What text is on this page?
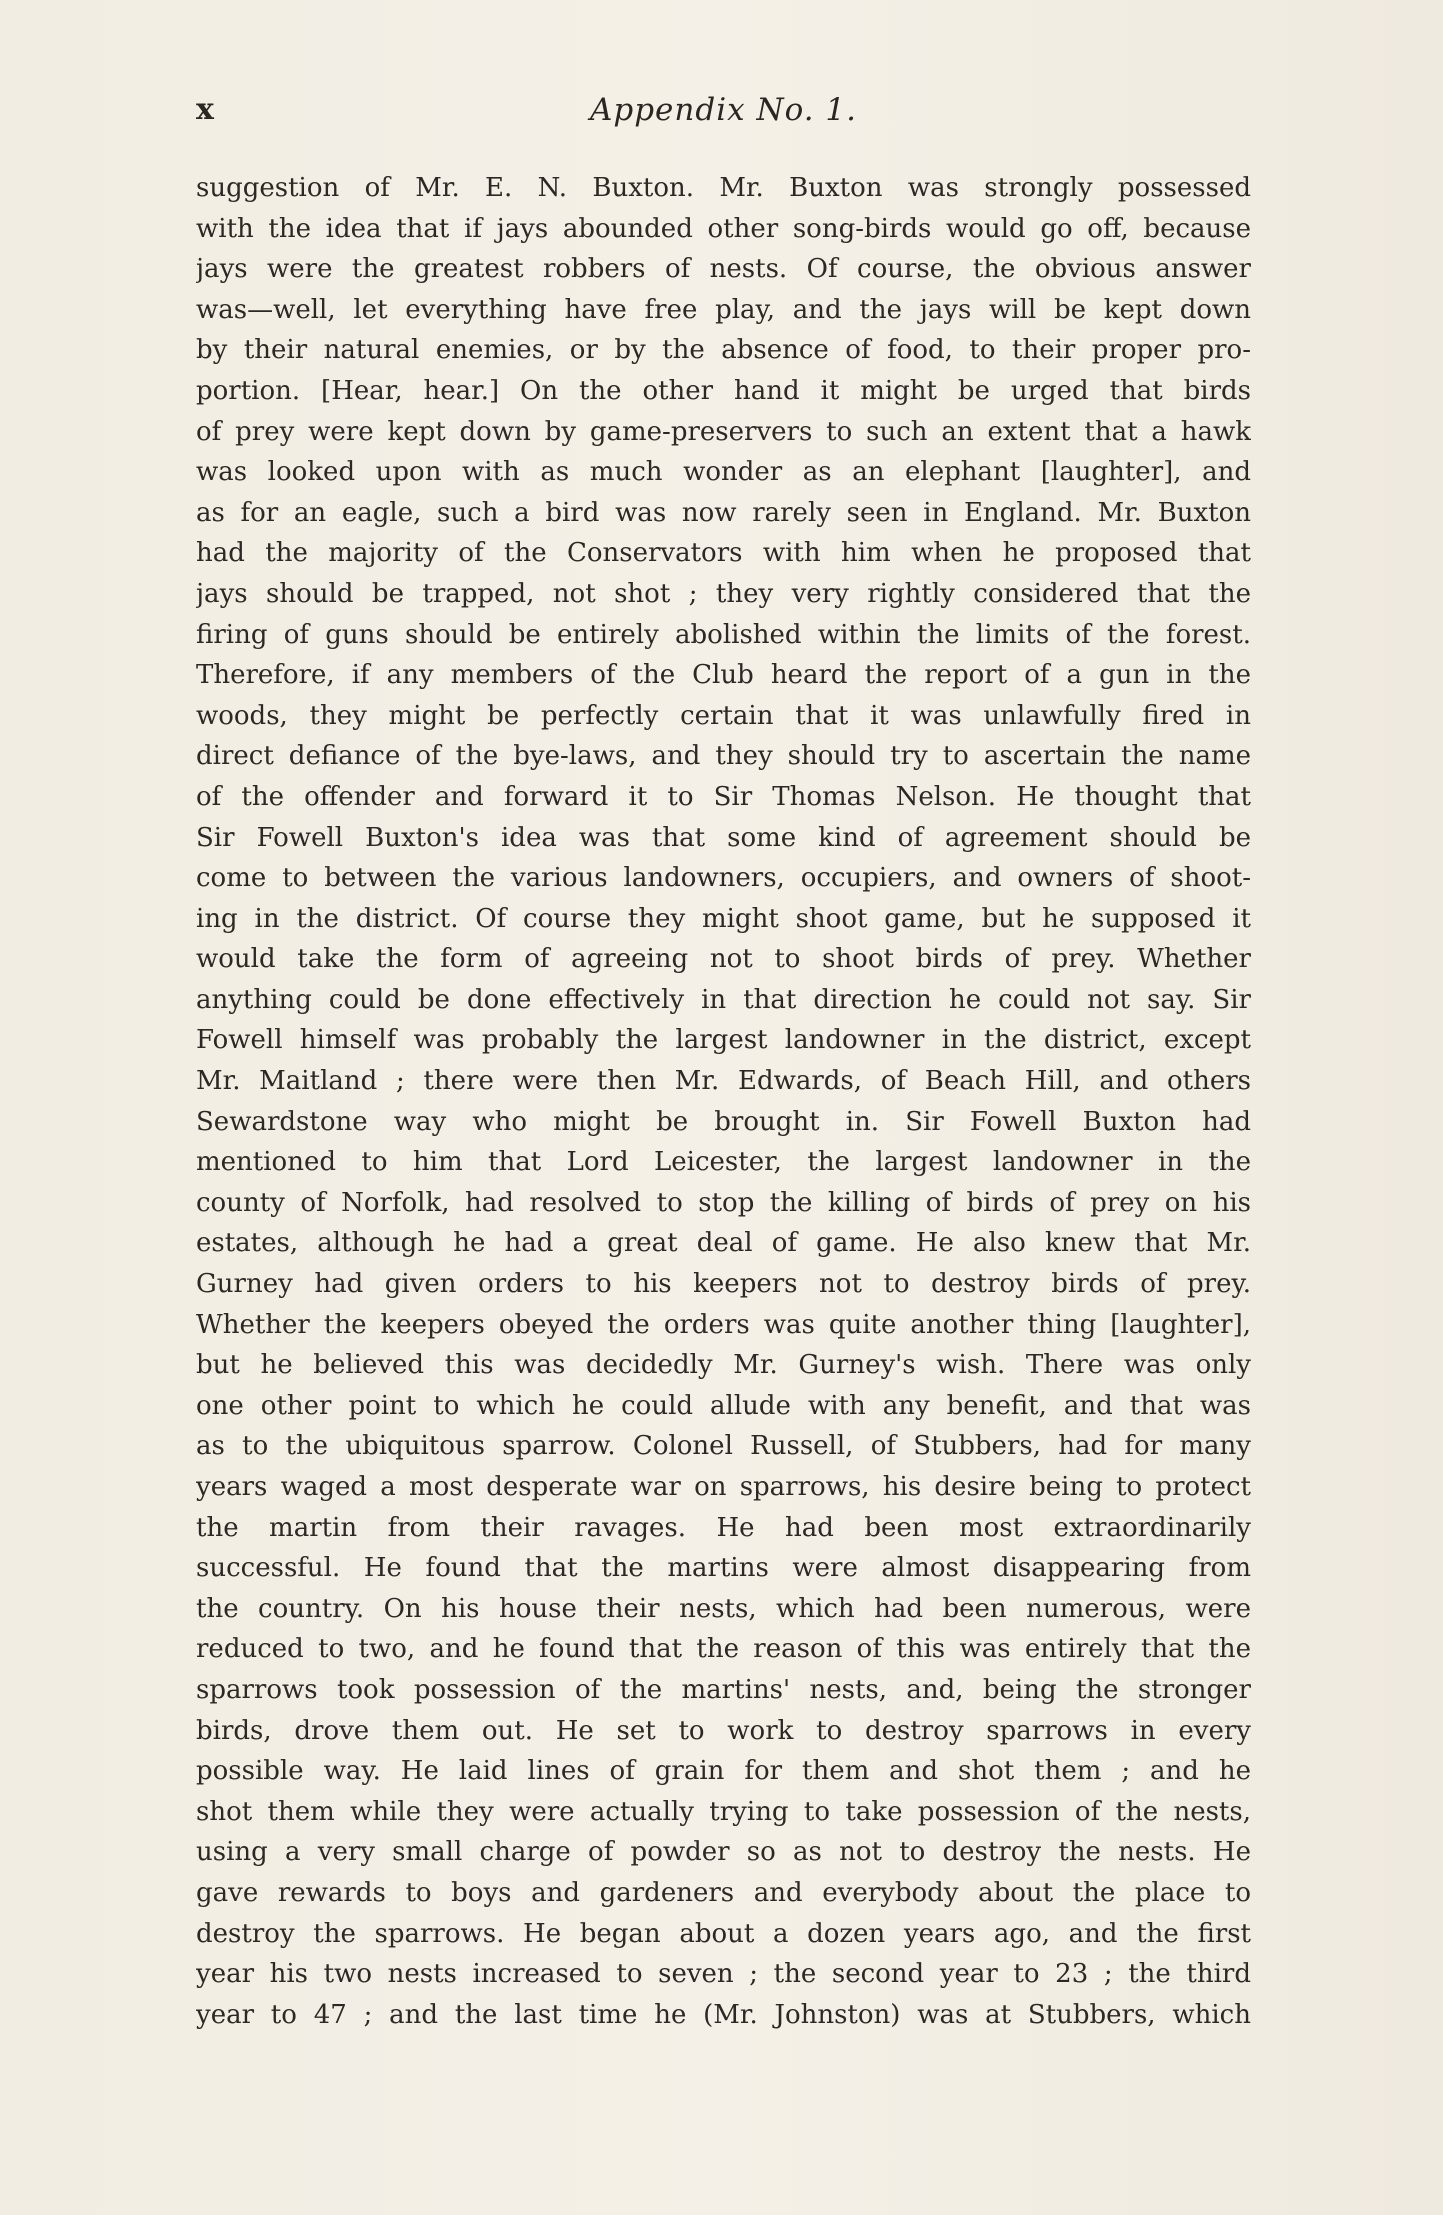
x	Appendix No. 1.
suggestion of Mr. E. N. Buxton. Mr. Buxton was strongly possessed
with the idea that if jays abounded other song-birds would go off, because
jays were the greatest robbers of nests. Of course, the obvious answer
was—well, let everything have free play, and the jays will be kept down
by their natural enemies, or by the absence of food, to their proper pro-
portion. [Hear, hear.] On the other hand it might be urged that birds
of prey were kept down by game-preservers to such an extent that a hawk
was looked upon with as much wonder as an elephant [laughter], and
as for an eagle, such a bird was now rarely seen in England. Mr. Buxton
had the majority of the Conservators with him when he proposed that
jays should be trapped, not shot ; they very rightly considered that the
firing of guns should be entirely abolished within the limits of the forest.
Therefore, if any members of the Club heard the report of a gun in the
woods, they might be perfectly certain that it was unlawfully fired in
direct defiance of the bye-laws, and they should try to ascertain the name
of the offender and forward it to Sir Thomas Nelson. He thought that
Sir Fowell Buxton's idea was that some kind of agreement should be
come to between the various landowners, occupiers, and owners of shoot-
ing in the district. Of course they might shoot game, but he supposed it
would take the form of agreeing not to shoot birds of prey. Whether
anything could be done effectively in that direction he could not say. Sir
Fowell himself was probably the largest landowner in the district, except
Mr. Maitland ; there were then Mr. Edwards, of Beach Hill, and others
Sewardstone way who might be brought in. Sir Fowell Buxton had
mentioned to him that Lord Leicester, the largest landowner in the
county of Norfolk, had resolved to stop the killing of birds of prey on his
estates, although he had a great deal of game. He also knew that Mr.
Gurney had given orders to his keepers not to destroy birds of prey.
Whether the keepers obeyed the orders was quite another thing [laughter],
but he believed this was decidedly Mr. Gurney's wish. There was only
one other point to which he could allude with any benefit, and that was
as to the ubiquitous sparrow. Colonel Russell, of Stubbers, had for many
years waged a most desperate war on sparrows, his desire being to protect
the martin from their ravages. He had been most extraordinarily
successful. He found that the martins were almost disappearing from
the country. On his house their nests, which had been numerous, were
reduced to two, and he found that the reason of this was entirely that the
sparrows took possession of the martins' nests, and, being the stronger
birds, drove them out. He set to work to destroy sparrows in every
possible way. He laid lines of grain for them and shot them ; and he
shot them while they were actually trying to take possession of the nests,
using a very small charge of powder so as not to destroy the nests. He
gave rewards to boys and gardeners and everybody about the place to
destroy the sparrows. He began about a dozen years ago, and the first
year his two nests increased to seven ; the second year to 23 ; the third
year to 47 ; and the last time he (Mr. Johnston) was at Stubbers, which
